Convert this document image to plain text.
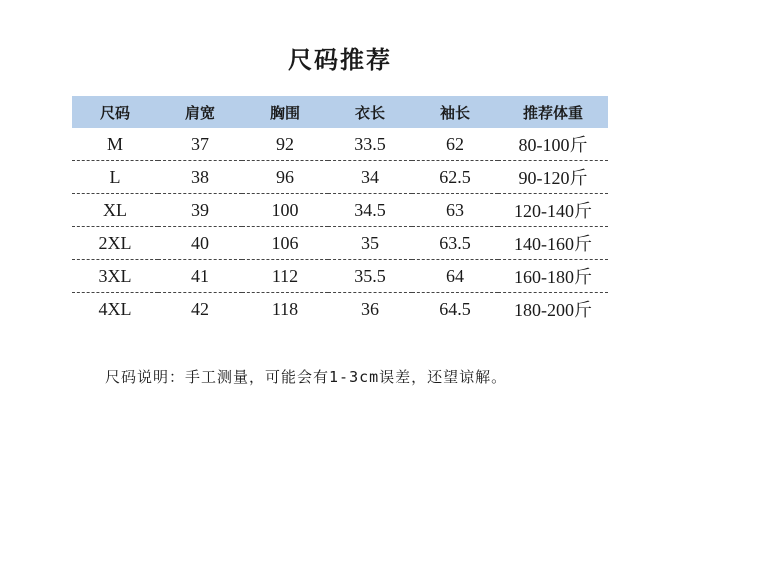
尺码推荐
尺码	肩宽	胸围	衣长	袖长	推荐体重
M	37	92	33.5	62	80-100斤
L	38	96	34	62.5	90-120斤
XL	39	100	34.5	63	120-140斤
2XL	40	106	35	63.5	140-160斤
3XL	41	112	35.5	64	160-180斤
4XL	42	118	36	64.5	180-200斤
尺码说明：手工测量，可能会有1-3cm误差，还望谅解。
